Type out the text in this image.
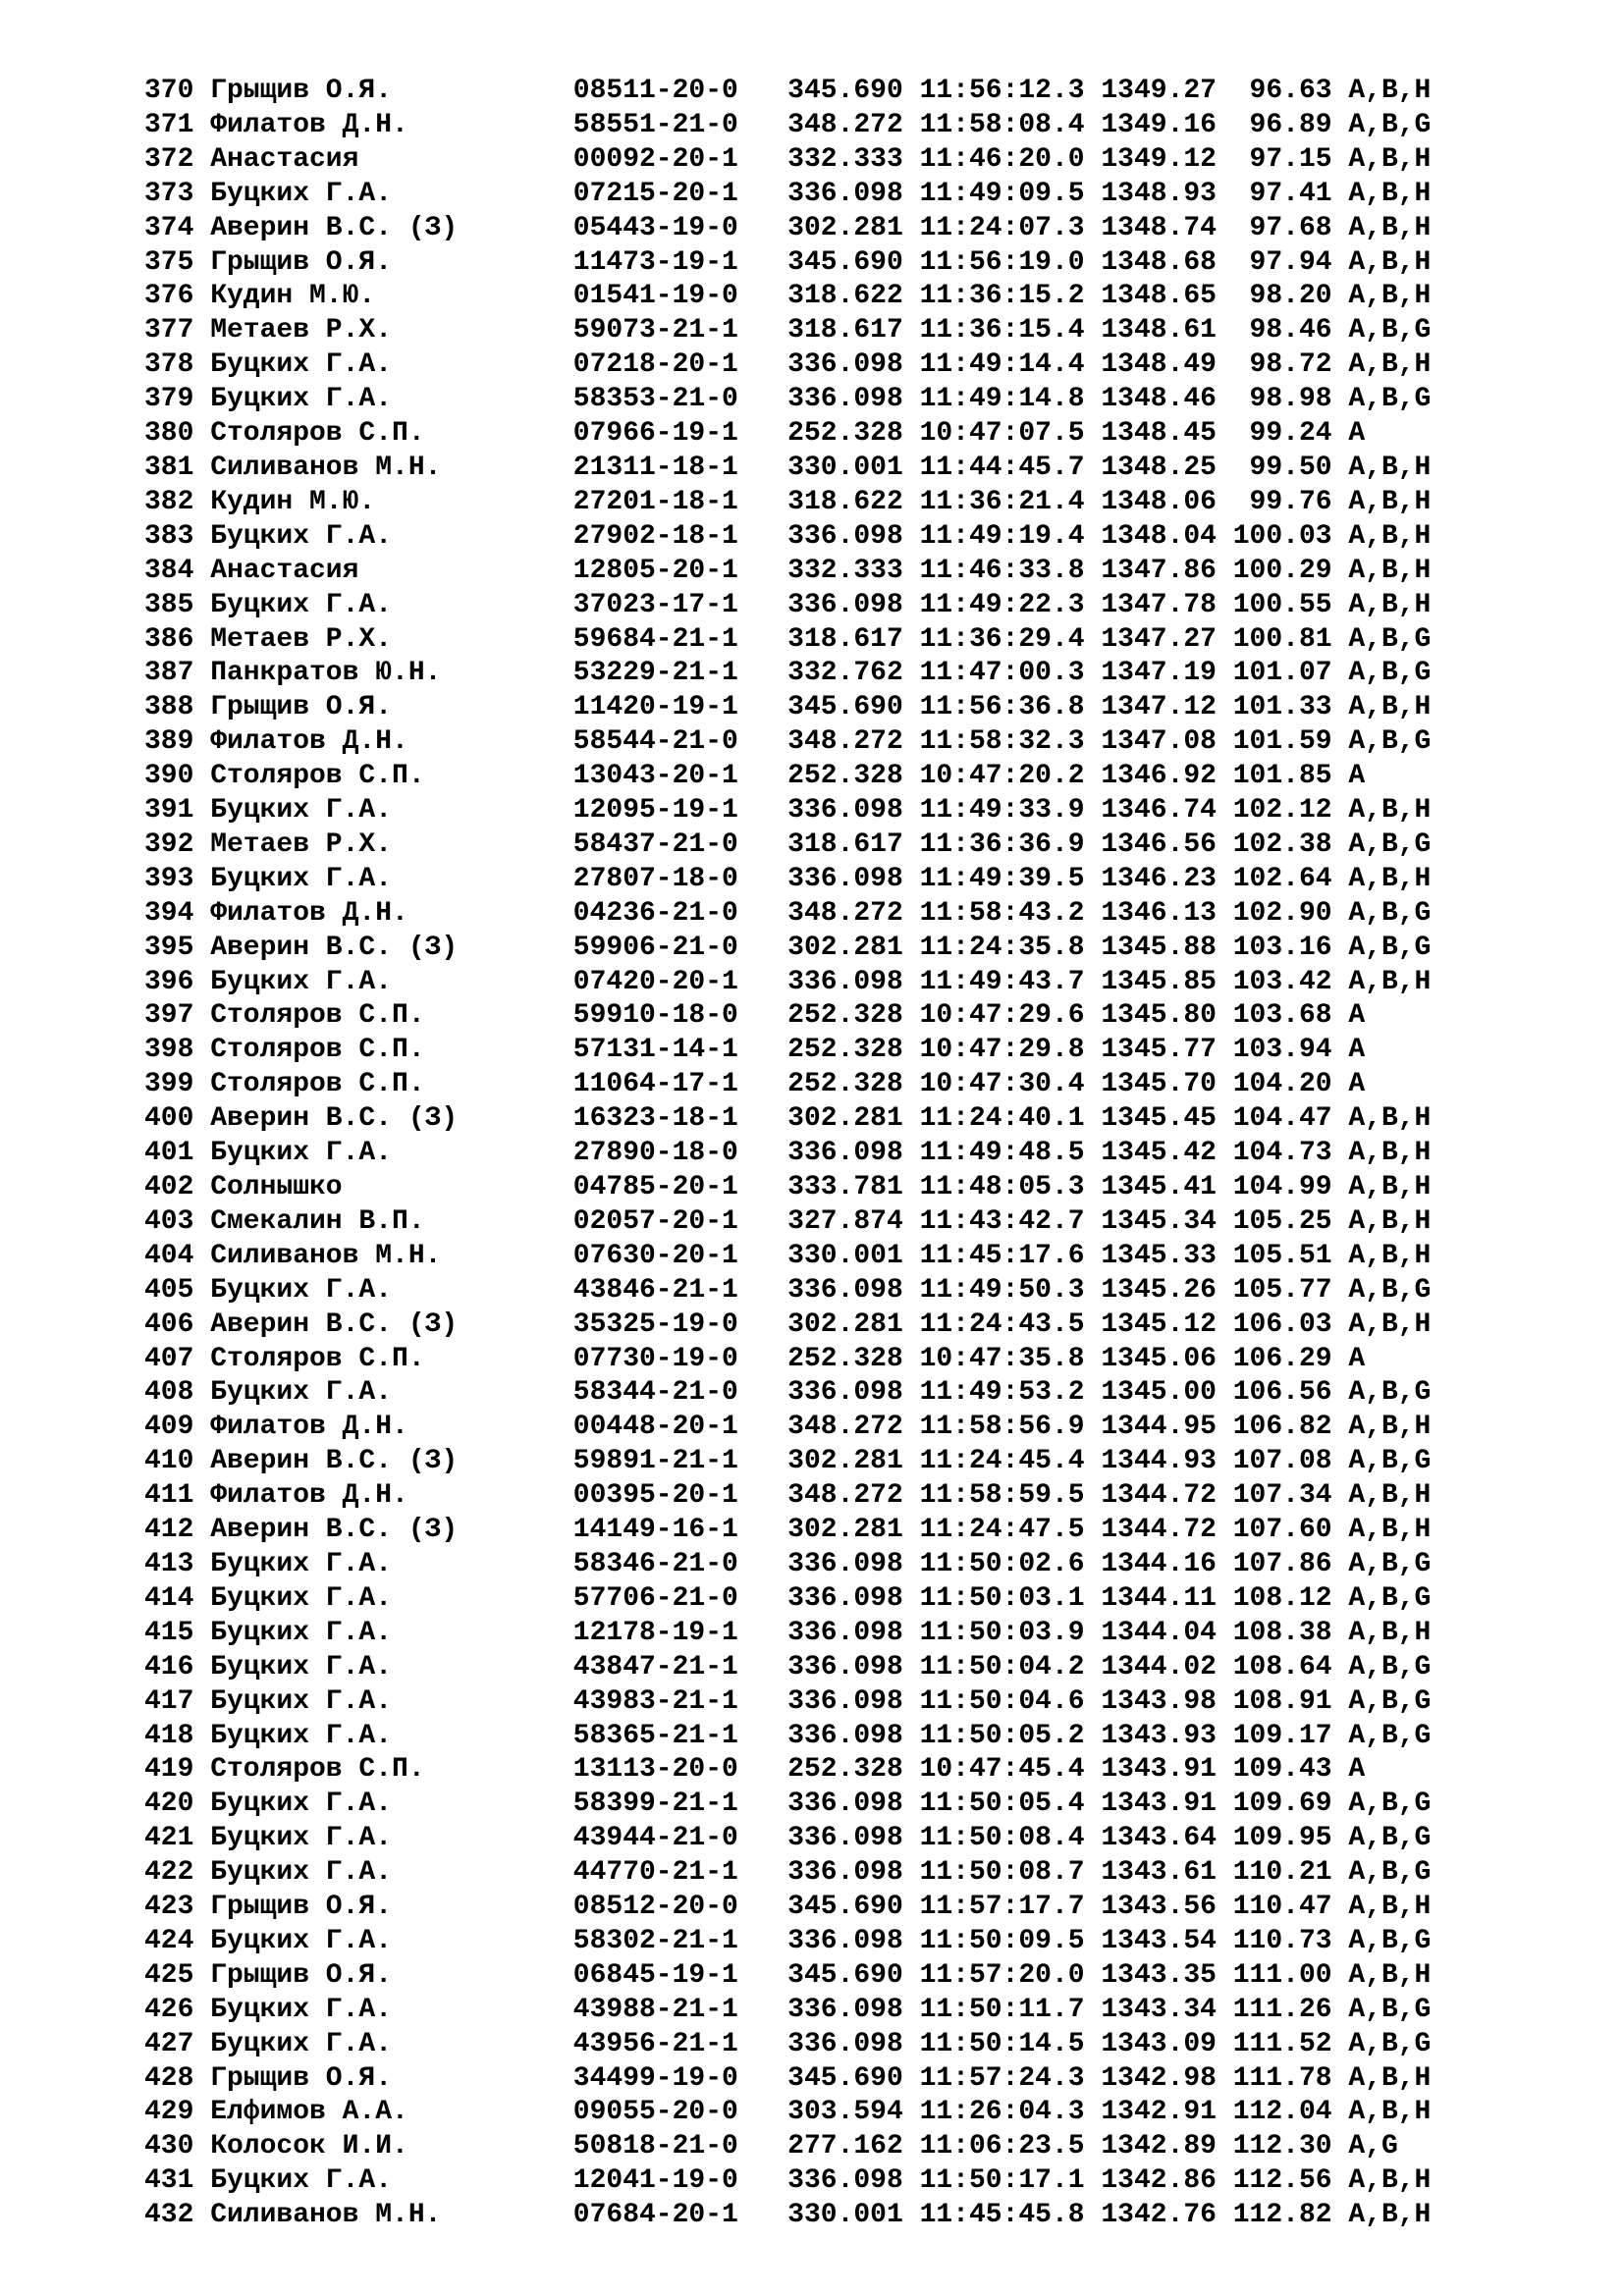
370 Грыщив О.Я.	08511-20-0 345.690 11:56:12.3 1349.27 96.63 A,B,H
371 Филатов Д.Н.	58551-21-0 348.272 11:58:08.4 1349.16 96.89 A,B,G
372 Анастасия	00092-20-1 332.333 11:46:20.0 1349.12 97.15 A,B,H
373 Буцких Г.А.	07215-20-1 336.098 11:49:09.5 1348.93 97.41 A,B,H
374 Аверин В.С. (З)	05443-19-0 302.281 11:24:07.3 1348.74 97.68 A,B,H
375 Грыщив О.Я.	11473-19-1 345.690 11:56:19.0 1348.68 97.94 A,B,H
376 Кудин М.Ю.	01541-19-0 318.622 11:36:15.2 1348.65 98.20 A,B,H
377 Метаев Р.Х.	59073-21-1 318.617 11:36:15.4 1348.61 98.46 A,B,G
378 Буцких Г.А.	07218-20-1 336.098 11:49:14.4 1348.49 98.72 A,B,H
379 Буцких Г.А.	58353-21-0 336.098 11:49:14.8 1348.46 98.98 A,B,G
380 Столяров С.П.	07966-19-1 252.328 10:47:07.5 1348.45 99.24 A
381 Силиванов М.Н.	21311-18-1 330.001 11:44:45.7 1348.25 99.50 A,B,H
382 Кудин М.Ю.	27201-18-1 318.622 11:36:21.4 1348.06 99.76 A,B,H
383 Буцких Г.А.	27902-18-1 336.098 11:49:19.4 1348.04 100.03 A,B,H
384 Анастасия	12805-20-1 332.333 11:46:33.8 1347.86 100.29 A,B,H
385 Буцких Г.А.	37023-17-1 336.098 11:49:22.3 1347.78 100.55 A,B,H
386 Метаев Р.Х.	59684-21-1 318.617 11:36:29.4 1347.27 100.81 A,B,G
387 Панкратов Ю.Н.	53229-21-1 332.762 11:47:00.3 1347.19 101.07 A,B,G
388 Грыщив О.Я.	11420-19-1 345.690 11:56:36.8 1347.12 101.33 A,B,H
389 Филатов Д.Н.	58544-21-0 348.272 11:58:32.3 1347.08 101.59 A,B,G
390 Столяров С.П.	13043-20-1 252.328 10:47:20.2 1346.92 101.85 A
391 Буцких Г.А.	12095-19-1 336.098 11:49:33.9 1346.74 102.12 A,B,H
392 Метаев Р.Х.	58437-21-0 318.617 11:36:36.9 1346.56 102.38 A,B,G
393 Буцких Г.А.	27807-18-0 336.098 11:49:39.5 1346.23 102.64 A,B,H
394 Филатов Д.Н.	04236-21-0 348.272 11:58:43.2 1346.13 102.90 A,B,G
395 Аверин В.С. (З)	59906-21-0 302.281 11:24:35.8 1345.88 103.16 A,B,G
396 Буцких Г.А.	07420-20-1 336.098 11:49:43.7 1345.85 103.42 A,B,H
397 Столяров С.П.	59910-18-0 252.328 10:47:29.6 1345.80 103.68 A
398 Столяров С.П.	57131-14-1 252.328 10:47:29.8 1345.77 103.94 A
399 Столяров С.П.	11064-17-1 252.328 10:47:30.4 1345.70 104.20 A
400 Аверин В.С. (З)	16323-18-1 302.281 11:24:40.1 1345.45 104.47 A,B,H
401 Буцких Г.А.	27890-18-0 336.098 11:49:48.5 1345.42 104.73 A,B,H
402 Солнышко	04785-20-1 333.781 11:48:05.3 1345.41 104.99 A,B,H
403 Смекалин В.П.	02057-20-1 327.874 11:43:42.7 1345.34 105.25 A,B,H
404 Силиванов М.Н.	07630-20-1 330.001 11:45:17.6 1345.33 105.51 A,B,H
405 Буцких Г.А.	43846-21-1 336.098 11:49:50.3 1345.26 105.77 A,B,G
406 Аверин В.С. (З)	35325-19-0 302.281 11:24:43.5 1345.12 106.03 A,B,H
407 Столяров С.П.	07730-19-0 252.328 10:47:35.8 1345.06 106.29 A
408 Буцких Г.А.	58344-21-0 336.098 11:49:53.2 1345.00 106.56 A,B,G
409 Филатов Д.Н.	00448-20-1 348.272 11:58:56.9 1344.95 106.82 A,B,H
410 Аверин В.С. (З)	59891-21-1 302.281 11:24:45.4 1344.93 107.08 A,B,G
411 Филатов Д.Н.	00395-20-1 348.272 11:58:59.5 1344.72 107.34 A,B,H
412 Аверин В.С. (З)	14149-16-1 302.281 11:24:47.5 1344.72 107.60 A,B,H
413 Буцких Г.А.	58346-21-0 336.098 11:50:02.6 1344.16 107.86 A,B,G
414 Буцких Г.А.	57706-21-0 336.098 11:50:03.1 1344.11 108.12 A,B,G
415 Буцких Г.А.	12178-19-1 336.098 11:50:03.9 1344.04 108.38 A,B,H
416 Буцких Г.А.	43847-21-1 336.098 11:50:04.2 1344.02 108.64 A,B,G
417 Буцких Г.А.	43983-21-1 336.098 11:50:04.6 1343.98 108.91 A,B,G
418 Буцких Г.А.	58365-21-1 336.098 11:50:05.2 1343.93 109.17 A,B,G
419 Столяров С.П.	13113-20-0 252.328 10:47:45.4 1343.91 109.43 A
420 Буцких Г.А.	58399-21-1 336.098 11:50:05.4 1343.91 109.69 A,B,G
421 Буцких Г.А.	43944-21-0 336.098 11:50:08.4 1343.64 109.95 A,B,G
422 Буцких Г.А.	44770-21-1 336.098 11:50:08.7 1343.61 110.21 A,B,G
423 Грыщив О.Я.	08512-20-0 345.690 11:57:17.7 1343.56 110.47 A,B,H
424 Буцких Г.А.	58302-21-1 336.098 11:50:09.5 1343.54 110.73 A,B,G
425 Грыщив О.Я.	06845-19-1 345.690 11:57:20.0 1343.35 111.00 A,B,H
426 Буцких Г.А.	43988-21-1 336.098 11:50:11.7 1343.34 111.26 A,B,G
427 Буцких Г.А.	43956-21-1 336.098 11:50:14.5 1343.09 111.52 A,B,G
428 Грыщив О.Я.	34499-19-0 345.690 11:57:24.3 1342.98 111.78 A,B,H
429 Елфимов А.А.	09055-20-0 303.594 11:26:04.3 1342.91 112.04 A,B,H
430 Колосок И.И.	50818-21-0 277.162 11:06:23.5 1342.89 112.30 A,G
431 Буцких Г.А.	12041-19-0 336.098 11:50:17.1 1342.86 112.56 A,B,H
432 Силиванов М.Н.	07684-20-1 330.001 11:45:45.8 1342.76 112.82 A,B,H
